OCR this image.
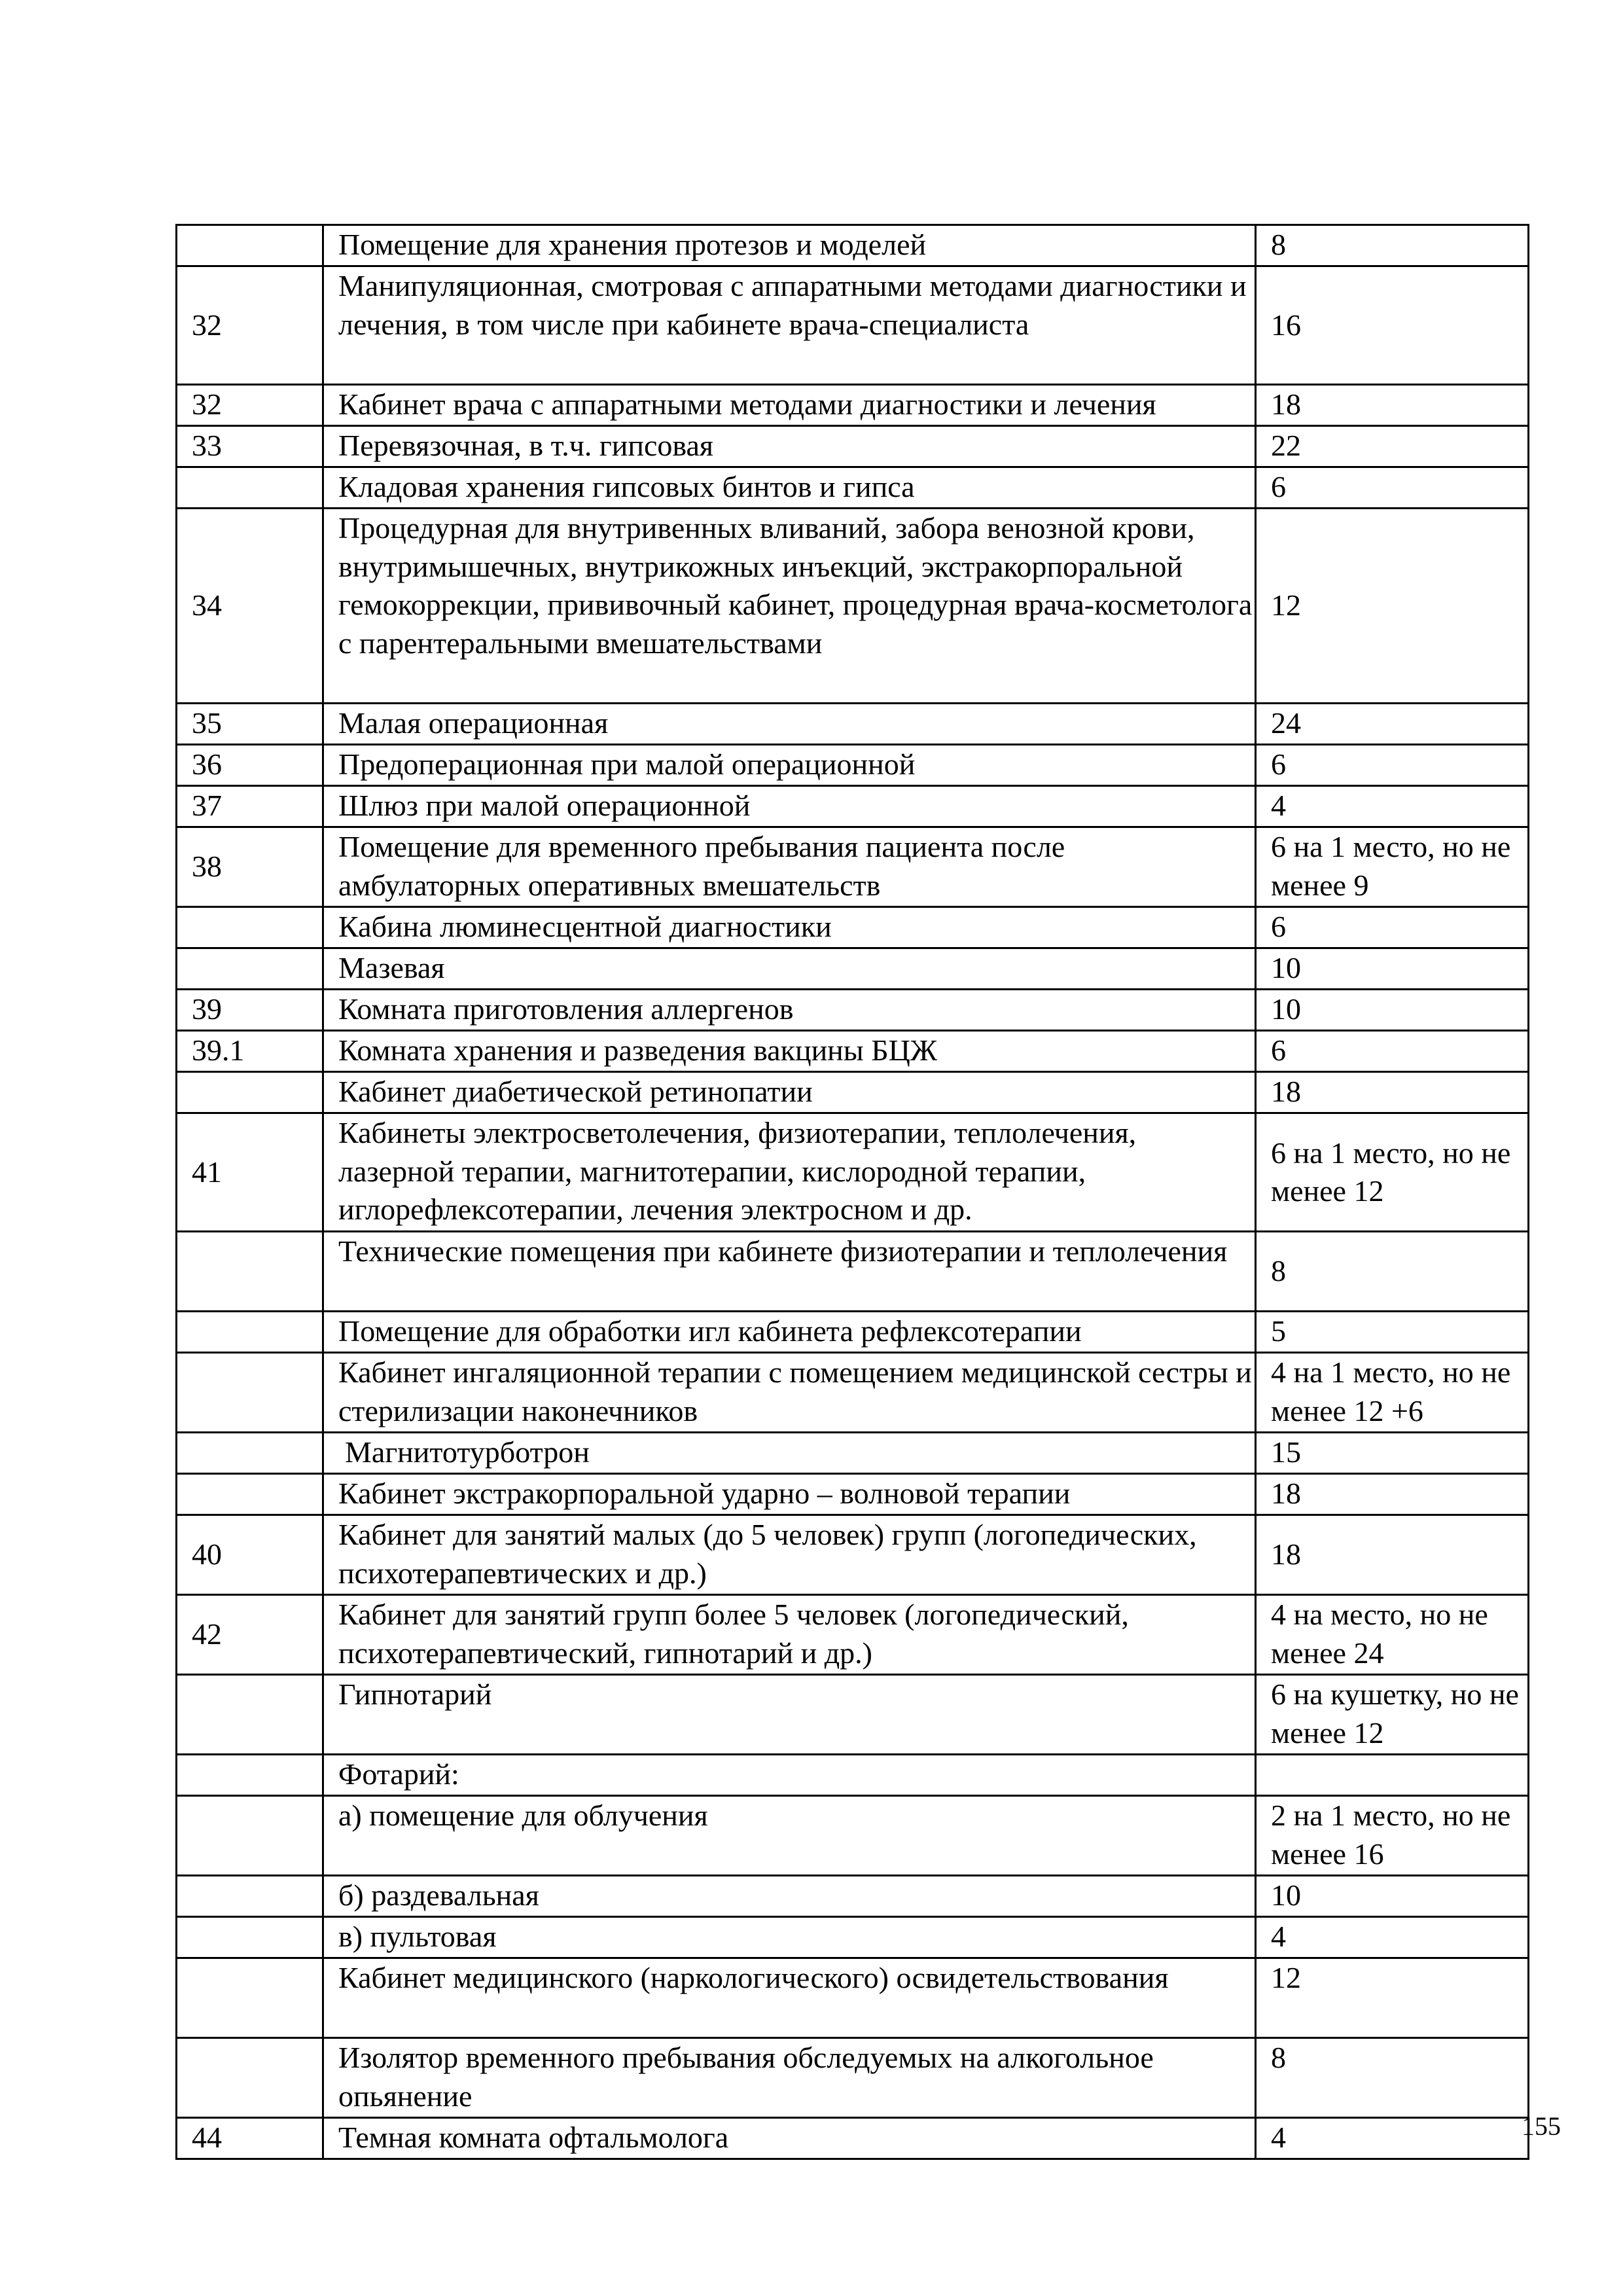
	Помещение для хранения протезов и моделей	8
32	Манипуляционная, смотровая с аппаратными методами диагностики и лечения, в том числе при кабинете врача-специалиста	16
32	Кабинет врача с аппаратными методами диагностики и лечения	18
33	Перевязочная, в т.ч. гипсовая	22
	Кладовая хранения гипсовых бинтов и гипса	6
34	Процедурная для внутривенных вливаний, забора венозной крови, внутримышечных, внутрикожных инъекций, экстракорпоральной гемокоррекции, прививочный кабинет, процедурная врача-косметолога с парентеральными вмешательствами	12
35	Малая операционная	24
36	Предоперационная при малой операционной	6
37	Шлюз при малой операционной	4
38	Помещение для временного пребывания пациента после амбулаторных оперативных вмешательств	6 на 1 место, но не менее 9
	Кабина люминесцентной диагностики	6
	Мазевая	10
39	Комната приготовления аллергенов	10
39.1	Комната хранения и разведения вакцины БЦЖ	6
	Кабинет диабетической ретинопатии	18
41	Кабинеты электросветолечения, физиотерапии, теплолечения, лазерной терапии, магнитотерапии, кислородной терапии, иглорефлексотерапии, лечения электросном и др.	6 на 1 место, но не менее 12
	Технические помещения при кабинете физиотерапии и теплолечения	8
	Помещение для обработки игл кабинета рефлексотерапии	5
	Кабинет ингаляционной терапии с помещением медицинской сестры и стерилизации наконечников	4 на 1 место, но не менее 12 +6
	Магнитотурботрон	15
	Кабинет экстракорпоральной ударно – волновой терапии	18
40	Кабинет для занятий малых (до 5 человек) групп (логопедических, психотерапевтических и др.)	18
42	Кабинет для занятий групп более 5 человек (логопедический, психотерапевтический, гипнотарий и др.)	4 на место, но не менее 24
	Гипнотарий	6 на кушетку, но не менее 12
	Фотарий:	
	а) помещение для облучения	2 на 1 место, но не менее 16
	б) раздевальная	10
	в) пультовая	4
	Кабинет медицинского (наркологического) освидетельствования	12
	Изолятор временного пребывания обследуемых на алкогольное опьянение	8
44	Темная комната офтальмолога	4	155
